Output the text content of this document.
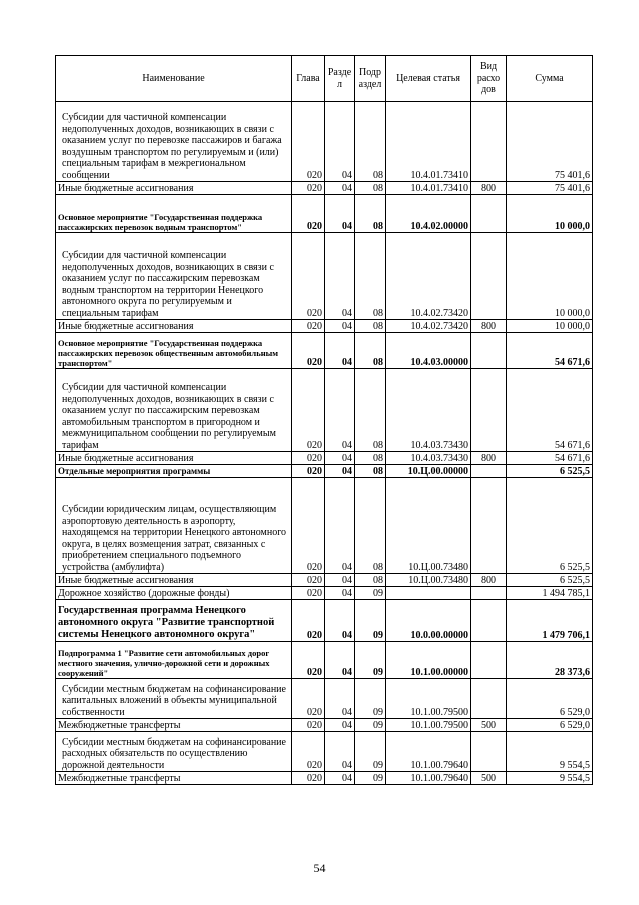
Наименование	Глава	Разде л	Подр аздел	Целевая статья	Вид расхо дов	Сумма
Субсидии для частичной компенсации недополученных доходов, возникающих в связи с оказанием услуг по перевозке пассажиров и багажа воздушным транспортом по регулируемым и (или) специальным тарифам в межрегиональном сообщении	020	04	08	10.4.01.73410		75 401,6
Иные бюджетные ассигнования	020	04	08	10.4.01.73410	800	75 401,6
Основное мероприятие "Государственная поддержка пассажирских перевозок водным транспортом"	020	04	08	10.4.02.00000		10 000,0
Субсидии для частичной компенсации недополученных доходов, возникающих в связи с оказанием услуг по пассажирским перевозкам водным транспортом на территории Ненецкого автономного округа по регулируемым и специальным тарифам	020	04	08	10.4.02.73420		10 000,0
Иные бюджетные ассигнования	020	04	08	10.4.02.73420	800	10 000,0
Основное мероприятие "Государственная поддержка пассажирских перевозок общественным автомобильным транспортом"	020	04	08	10.4.03.00000		54 671,6
Субсидии для частичной компенсации недополученных доходов, возникающих в связи с оказанием услуг по пассажирским перевозкам автомобильным транспортом в пригородном и межмуниципальном сообщении по регулируемым тарифам	020	04	08	10.4.03.73430		54 671,6
Иные бюджетные ассигнования	020	04	08	10.4.03.73430	800	54 671,6
Отдельные мероприятия программы	020	04	08	10.Ц.00.00000		6 525,5
Субсидии юридическим лицам, осуществляющим аэропортовую деятельность в аэропорту, находящемся на территории Ненецкого автономного округа, в целях возмещения затрат, связанных с приобретением специального подъемного устройства (амбулифта)	020	04	08	10.Ц.00.73480		6 525,5
Иные бюджетные ассигнования	020	04	08	10.Ц.00.73480	800	6 525,5
Дорожное хозяйство (дорожные фонды)	020	04	09			1 494 785,1
Государственная программа Ненецкого автономного округа "Развитие транспортной системы Ненецкого автономного округа"	020	04	09	10.0.00.00000		1 479 706,1
Подпрограмма 1 "Развитие сети автомобильных дорог местного значения, улично-дорожной сети и дорожных сооружений"	020	04	09	10.1.00.00000		28 373,6
Субсидии местным бюджетам на софинансирование капитальных вложений в объекты муниципальной собственности	020	04	09	10.1.00.79500		6 529,0
Межбюджетные трансферты	020	04	09	10.1.00.79500	500	6 529,0
Субсидии местным бюджетам на софинансирование расходных обязательств по осуществлению дорожной деятельности	020	04	09	10.1.00.79640		9 554,5
Межбюджетные трансферты	020	04	09	10.1.00.79640	500	9 554,5
54
